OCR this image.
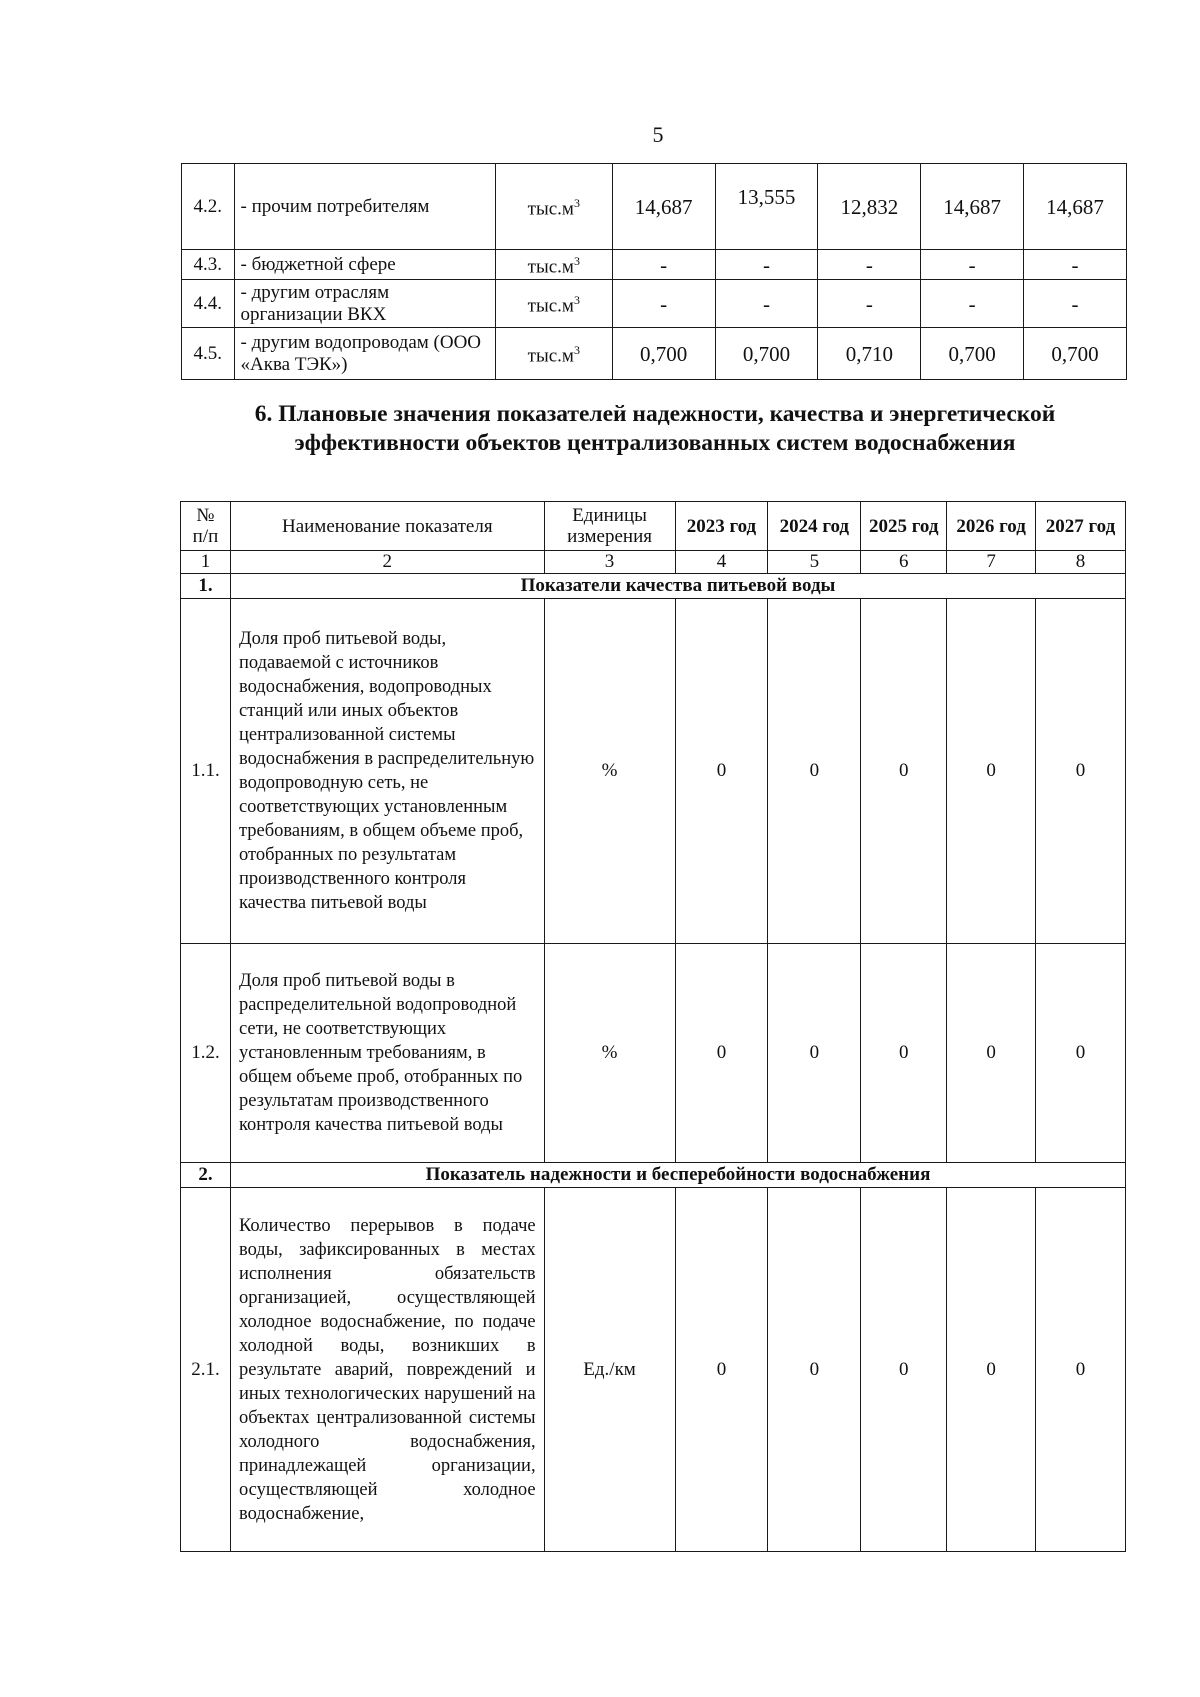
5
4.2.	- прочим потребителям	$тыс.м^3$	14,687	13,555	12,832	14,687	14,687
4.3.	- бюджетной сфере	$тыс.м^3$	-	-	-	-	-
4.4.	- другим отраслям организации ВКХ	$тыс.м^3$	-	-	-	-	-
4.5.	- другим водопроводам (ООО «Аква ТЭК»)	$тыс.м^3$	0,700	0,700	0,710	0,700	0,700
6. Плановые значения показателей надежности, качества и энергетической эффективности объектов централизованных систем водоснабжения
№ п/п	Наименование показателя	Единицы измерения	2023 год	2024 год	2025 год	2026 год	2027 год
1	2	3	4	5	6	7	8
1.	Показатели качества питьевой воды						
1.1.	Доля проб питьевой воды, подаваемой с источников водоснабжения, водопроводных станций или иных объектов централизованной системы водоснабжения в распределительную водопроводную сеть, не соответствующих установленным требованиям, в общем объеме проб, отобранных по результатам производственного контроля качества питьевой воды	%	0	0	0	0	0
1.2.	Доля проб питьевой воды в распределительной водопроводной сети, не соответствующих установленным требованиям, в общем объеме проб, отобранных по результатам производственного контроля качества питьевой воды	%	0	0	0	0	0
2.	Показатель надежности и бесперебойности водоснабжения						
2.1.	Количество перерывов в подаче воды, зафиксированных в местах исполнения обязательств организацией, осуществляющей холодное водоснабжение, по подаче холодной воды, возникших в результате аварий, повреждений и иных технологических нарушений на объектах централизованной системы холодного водоснабжения, принадлежащей организации, осуществляющей холодное водоснабжение,	Ед./км	0	0	0	0	0
